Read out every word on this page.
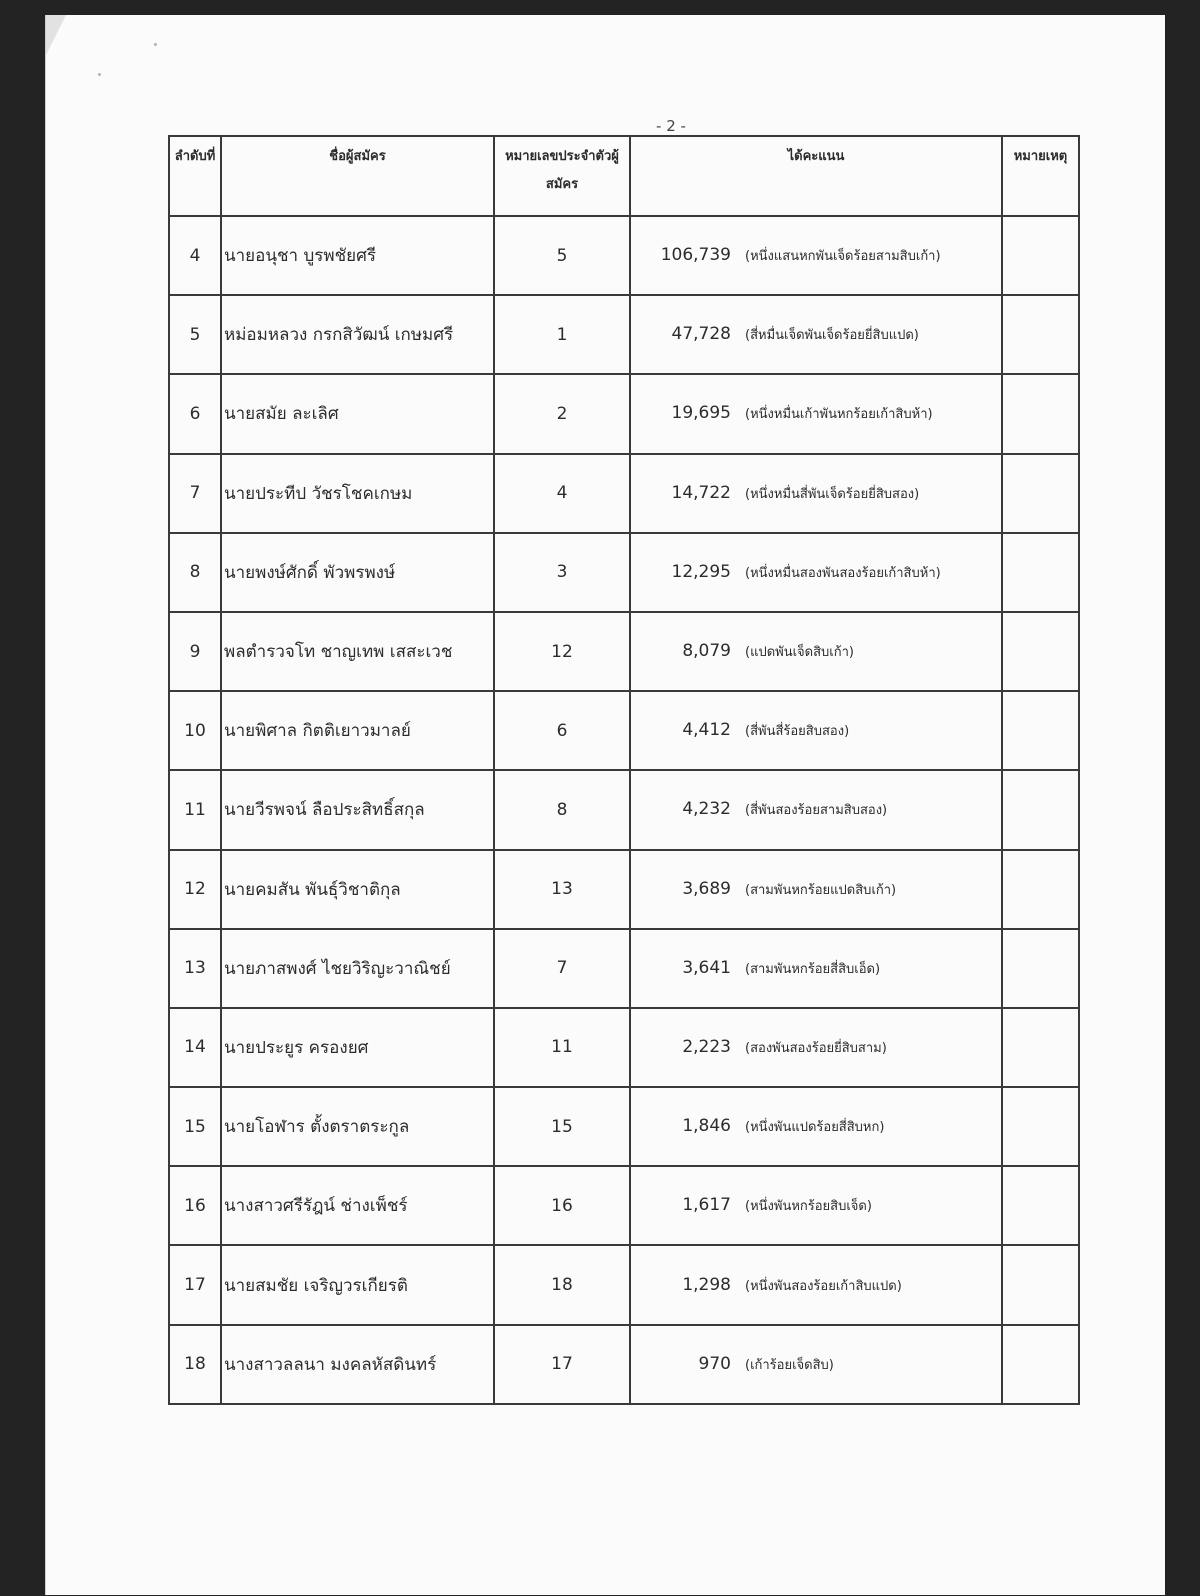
- 2 -
ลำดับที่	ชื่อผู้สมัคร	หมายเลขประจำตัวผู้สมัคร	ได้คะแนน	หมายเหตุ
4	นายอนุชา บูรพชัยศรี	5	106,739 (หนึ่งแสนหกพันเจ็ดร้อยสามสิบเก้า)	
5	หม่อมหลวง กรกสิวัฒน์ เกษมศรี	1	47,728 (สี่หมื่นเจ็ดพันเจ็ดร้อยยี่สิบแปด)	
6	นายสมัย ละเลิศ	2	19,695 (หนึ่งหมื่นเก้าพันหกร้อยเก้าสิบห้า)	
7	นายประทีป วัชรโชคเกษม	4	14,722 (หนึ่งหมื่นสี่พันเจ็ดร้อยยี่สิบสอง)	
8	นายพงษ์ศักดิ์ พัวพรพงษ์	3	12,295 (หนึ่งหมื่นสองพันสองร้อยเก้าสิบห้า)	
9	พลตำรวจโท ชาญเทพ เสสะเวช	12	8,079 (แปดพันเจ็ดสิบเก้า)	
10	นายพิศาล กิตติเยาวมาลย์	6	4,412 (สี่พันสี่ร้อยสิบสอง)	
11	นายวีรพจน์ ลือประสิทธิ์สกุล	8	4,232 (สี่พันสองร้อยสามสิบสอง)	
12	นายคมสัน พันธุ์วิชาติกุล	13	3,689 (สามพันหกร้อยแปดสิบเก้า)	
13	นายภาสพงศ์ ไชยวิริญะวาณิชย์	7	3,641 (สามพันหกร้อยสี่สิบเอ็ด)	
14	นายประยูร ครองยศ	11	2,223 (สองพันสองร้อยยี่สิบสาม)	
15	นายโอฬาร ตั้งตราตระกูล	15	1,846 (หนึ่งพันแปดร้อยสี่สิบหก)	
16	นางสาวศรีรัฎน์ ช่างเพ็ชร์	16	1,617 (หนึ่งพันหกร้อยสิบเจ็ด)	
17	นายสมชัย เจริญวรเกียรติ	18	1,298 (หนึ่งพันสองร้อยเก้าสิบแปด)	
18	นางสาวลลนา มงคลหัสดินทร์	17	970 (เก้าร้อยเจ็ดสิบ)	
